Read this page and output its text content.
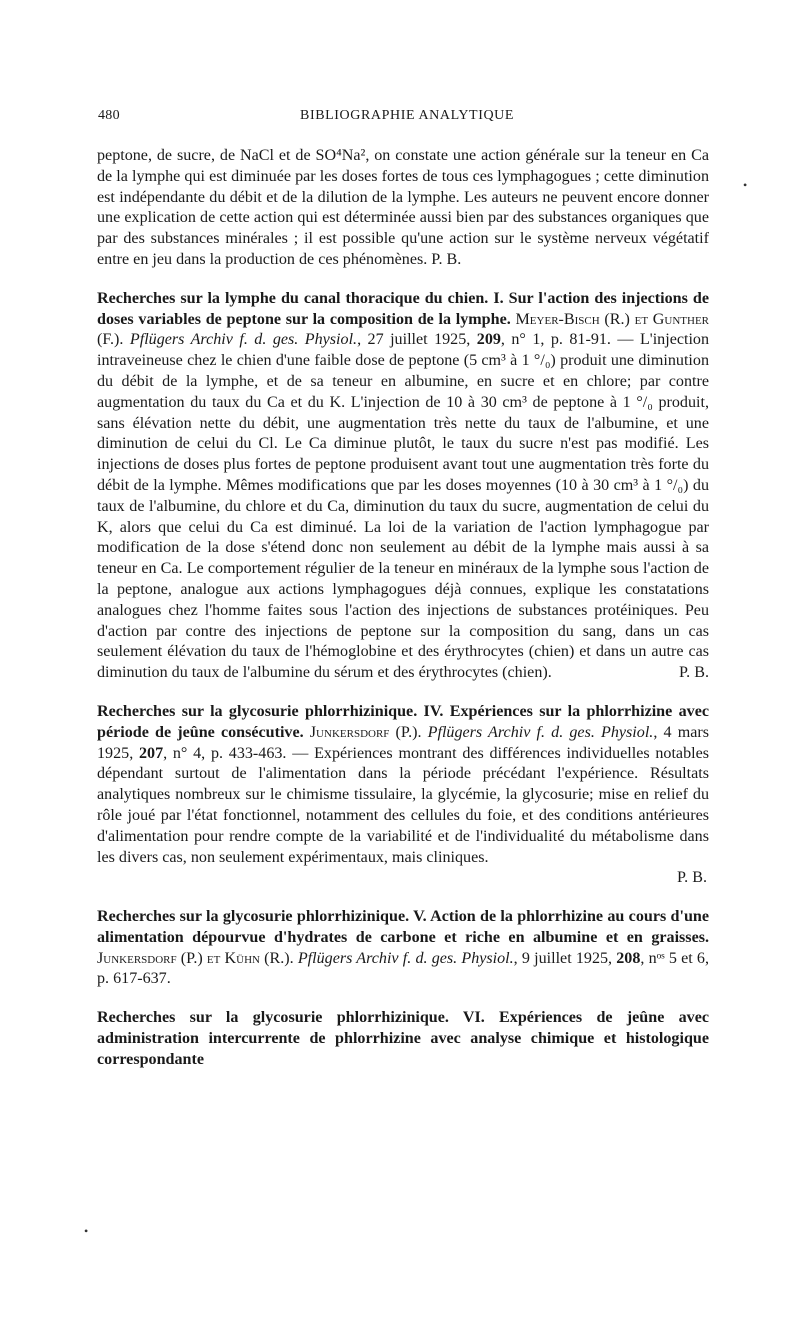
•
•
480	BIBLIOGRAPHIE ANALYTIQUE

peptone, de sucre, de NaCl et de SO⁴Na², on constate une action générale sur la teneur en Ca de la lymphe qui est diminuée par les doses fortes de tous ces lymphagogues ; cette diminution est indépendante du débit et de la dilution de la lymphe. Les auteurs ne peuvent encore donner une explication de cette action qui est déterminée aussi bien par des substances organiques que par des substances minérales ; il est possible qu'une action sur le système nerveux végétatif entre en jeu dans la production de ces phénomènes. P. B.

Recherches sur la lymphe du canal thoracique du chien. I. Sur l'action des injections de doses variables de peptone sur la composition de la lymphe. Meyer-Bisch (R.) et Gunther (F.). Pflügers Archiv f. d. ges. Physiol., 27 juillet 1925, 209, n° 1, p. 81-91. — L'injection intraveineuse chez le chien d'une faible dose de peptone (5 cm³ à 1 °/₀) produit une diminution du débit de la lymphe, et de sa teneur en albumine, en sucre et en chlore; par contre augmentation du taux du Ca et du K. L'injection de 10 à 30 cm³ de peptone à 1 °/₀ produit, sans élévation nette du débit, une augmentation très nette du taux de l'albumine, et une diminution de celui du Cl. Le Ca diminue plutôt, le taux du sucre n'est pas modifié. Les injections de doses plus fortes de peptone produisent avant tout une augmentation très forte du débit de la lymphe. Mêmes modifications que par les doses moyennes (10 à 30 cm³ à 1 °/₀) du taux de l'albumine, du chlore et du Ca, diminution du taux du sucre, augmentation de celui du K, alors que celui du Ca est diminué. La loi de la variation de l'action lymphagogue par modification de la dose s'étend donc non seulement au débit de la lymphe mais aussi à sa teneur en Ca. Le comportement régulier de la teneur en minéraux de la lymphe sous l'action de la peptone, analogue aux actions lymphagogues déjà connues, explique les constatations analogues chez l'homme faites sous l'action des injections de substances protéiniques. Peu d'action par contre des injections de peptone sur la composition du sang, dans un cas seulement élévation du taux de l'hémoglobine et des érythrocytes (chien) et dans un autre cas diminution du taux de l'albumine du sérum et des érythrocytes (chien).	P. B.

Recherches sur la glycosurie phlorrhizinique. IV. Expériences sur la phlorrhizine avec période de jeûne consécutive. Junkersdorf (P.). Pflügers Archiv f. d. ges. Physiol., 4 mars 1925, 207, n° 4, p. 433-463. — Expériences montrant des différences individuelles notables dépendant surtout de l'alimentation dans la période précédant l'expérience. Résultats analytiques nombreux sur le chimisme tissulaire, la glycémie, la glycosurie; mise en relief du rôle joué par l'état fonctionnel, notamment des cellules du foie, et des conditions antérieures d'alimentation pour rendre compte de la variabilité et de l'individualité du métabolisme dans les divers cas, non seulement expérimentaux, mais cliniques.

P. B.

Recherches sur la glycosurie phlorrhizinique. V. Action de la phlorrhizine au cours d'une alimentation dépourvue d'hydrates de carbone et riche en albumine et en graisses. Junkersdorf (P.) et Kühn (R.). Pflügers Archiv f. d. ges. Physiol., 9 juillet 1925, 208, nᵒˢ 5 et 6, p. 617-637.

Recherches sur la glycosurie phlorrhizinique. VI. Expériences de jeûne avec administration intercurrente de phlorrhizine avec analyse chimique et histologique correspondante
